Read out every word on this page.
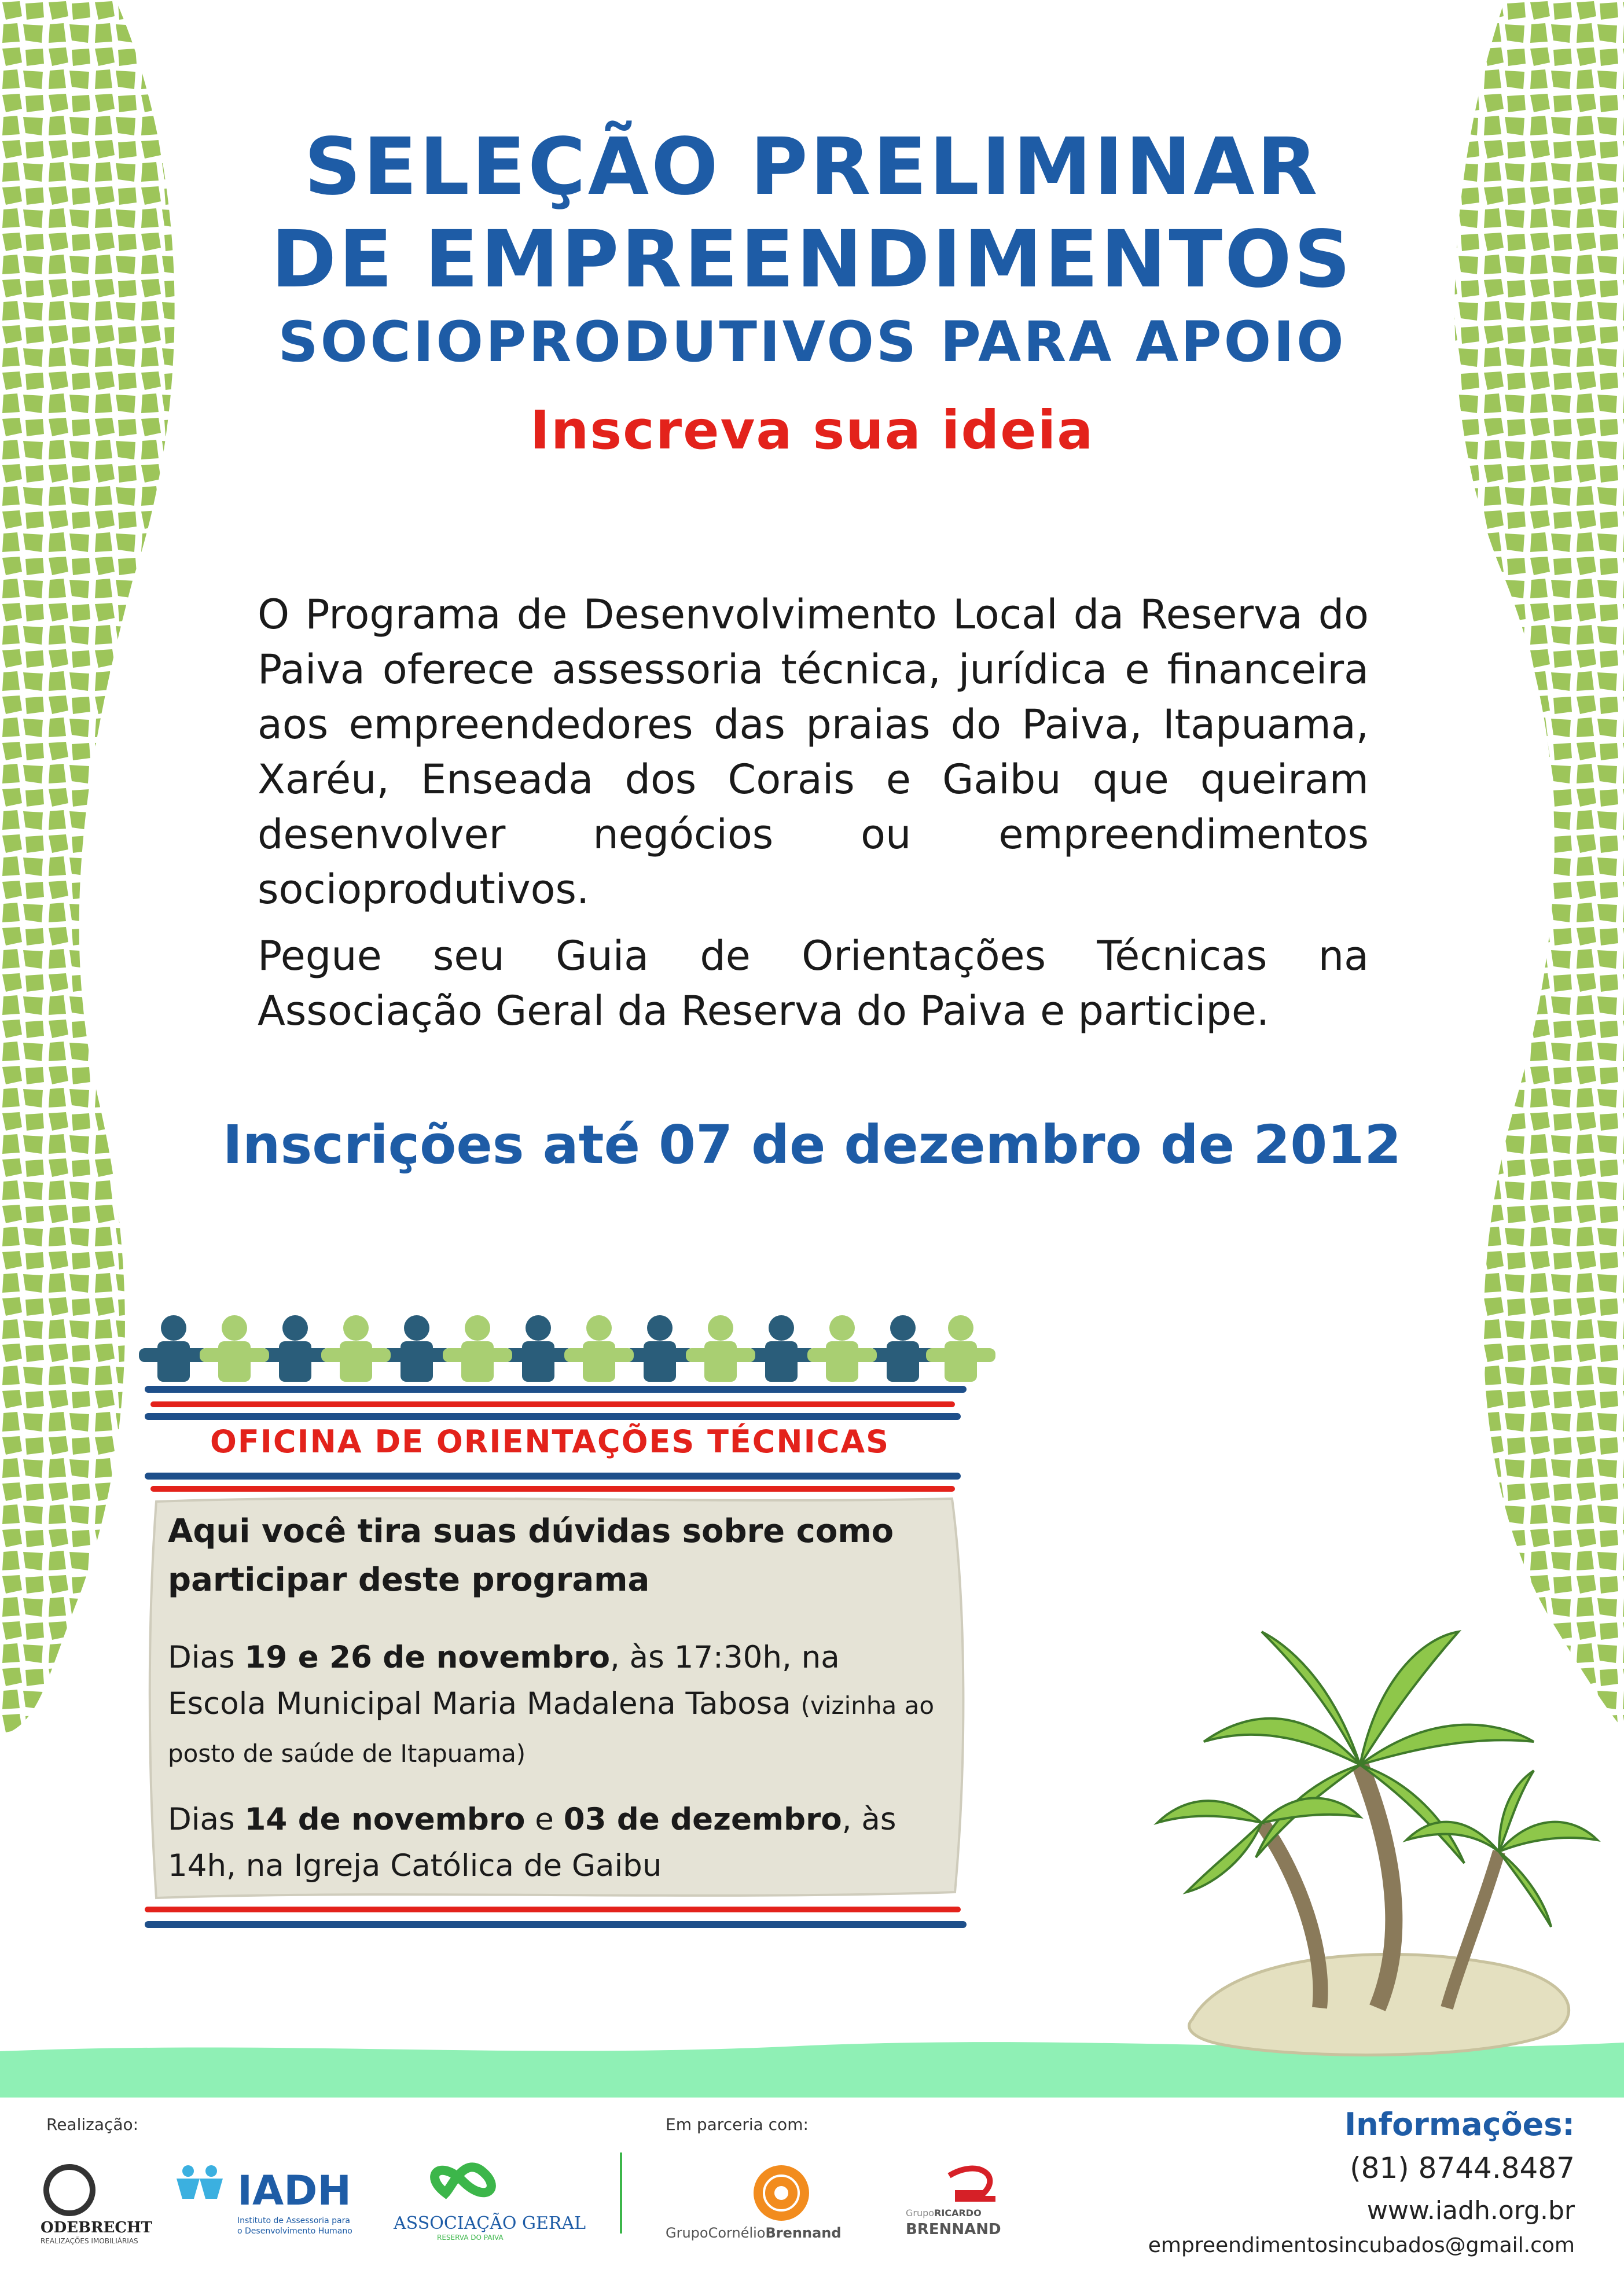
SELEÇÃO PRELIMINAR
DE EMPREENDIMENTOS
SOCIOPRODUTIVOS PARA APOIO
Inscreva sua ideia
O Programa de Desenvolvimento Local da Reserva do Paiva oferece assessoria técnica, jurídica e financeira aos empreendedores das praias do Paiva, Itapuama, Xaréu, Enseada dos Corais e Gaibu que queiram desenvolver negócios ou empreendimentos socioprodutivos.
Pegue seu Guia de Orientações Técnicas na Associação Geral da Reserva do Paiva e participe.
Inscrições até 07 de dezembro de 2012
OFICINA DE ORIENTAÇÕES TÉCNICAS
Aqui você tira suas dúvidas sobre como participar deste programa
Dias 19 e 26 de novembro, às 17:30h, na Escola Municipal Maria Madalena Tabosa (vizinha ao posto de saúde de Itapuama)
Dias 14 de novembro e 03 de dezembro, às 14h, na Igreja Católica de Gaibu
Realização:	Em parceria com:
ODEBRECHT
REALIZAÇÕES IMOBILIÁRIAS
IADH
Instituto de Assessoria para
o Desenvolvimento Humano ASSOCIAÇÃO GERAL
RESERVA DO PAIVA	GrupoCornélioBrennand
GrupoRICARDO
BRENNAND
Informações:
(81) 8744.8487
www.iadh.org.br
empreendimentosincubados@gmail.com
